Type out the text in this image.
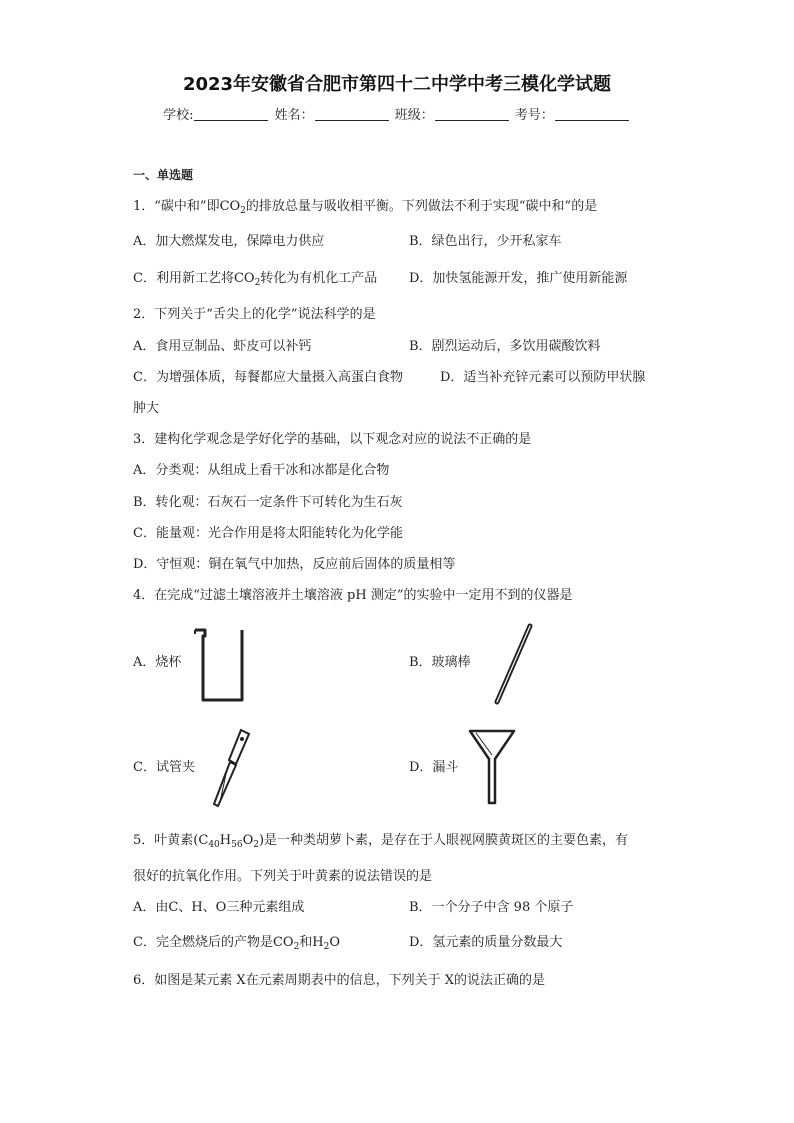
2023年安徽省合肥市第四十二中学中考三模化学试题
学校:	姓名：	班级：	考号：
一、单选题
1．“碳中和”即$CO_2$的排放总量与吸收相平衡。下列做法不利于实现“碳中和”的是
A．加大燃煤发电，保障电力供应	B．绿色出行，少开私家车
C．利用新工艺将$CO_2$转化为有机化工产品 D．加快氢能源开发，推广使用新能源
2．下列关于“舌尖上的化学”说法科学的是
A．食用豆制品、虾皮可以补钙	B．剧烈运动后，多饮用碳酸饮料
C．为增强体质，每餐都应大量摄入高蛋白食物	D．适当补充锌元素可以预防甲状腺
肿大
3．建构化学观念是学好化学的基础，以下观念对应的说法不正确的是
A．分类观：从组成上看干冰和冰都是化合物
B．转化观：石灰石一定条件下可转化为生石灰
C．能量观：光合作用是将太阳能转化为化学能
D．守恒观：铜在氧气中加热，反应前后固体的质量相等
4．在完成“过滤土壤溶液并土壤溶液 pH 测定”的实验中一定用不到的仪器是
A．烧杯	B．玻璃棒
C．试管夹	D．漏斗
5．叶黄素$(C_{40}H_{56}O_2)$是一种类胡萝卜素，是存在于人眼视网膜黄斑区的主要色素，有
很好的抗氧化作用。下列关于叶黄素的说法错误的是
A．由C、H、O三种元素组成	B．一个分子中含 98 个原子
C．完全燃烧后的产物是$CO_2$和$H_2O$	D．氢元素的质量分数最大
6．如图是某元素 X在元素周期表中的信息，下列关于 X的说法正确的是
